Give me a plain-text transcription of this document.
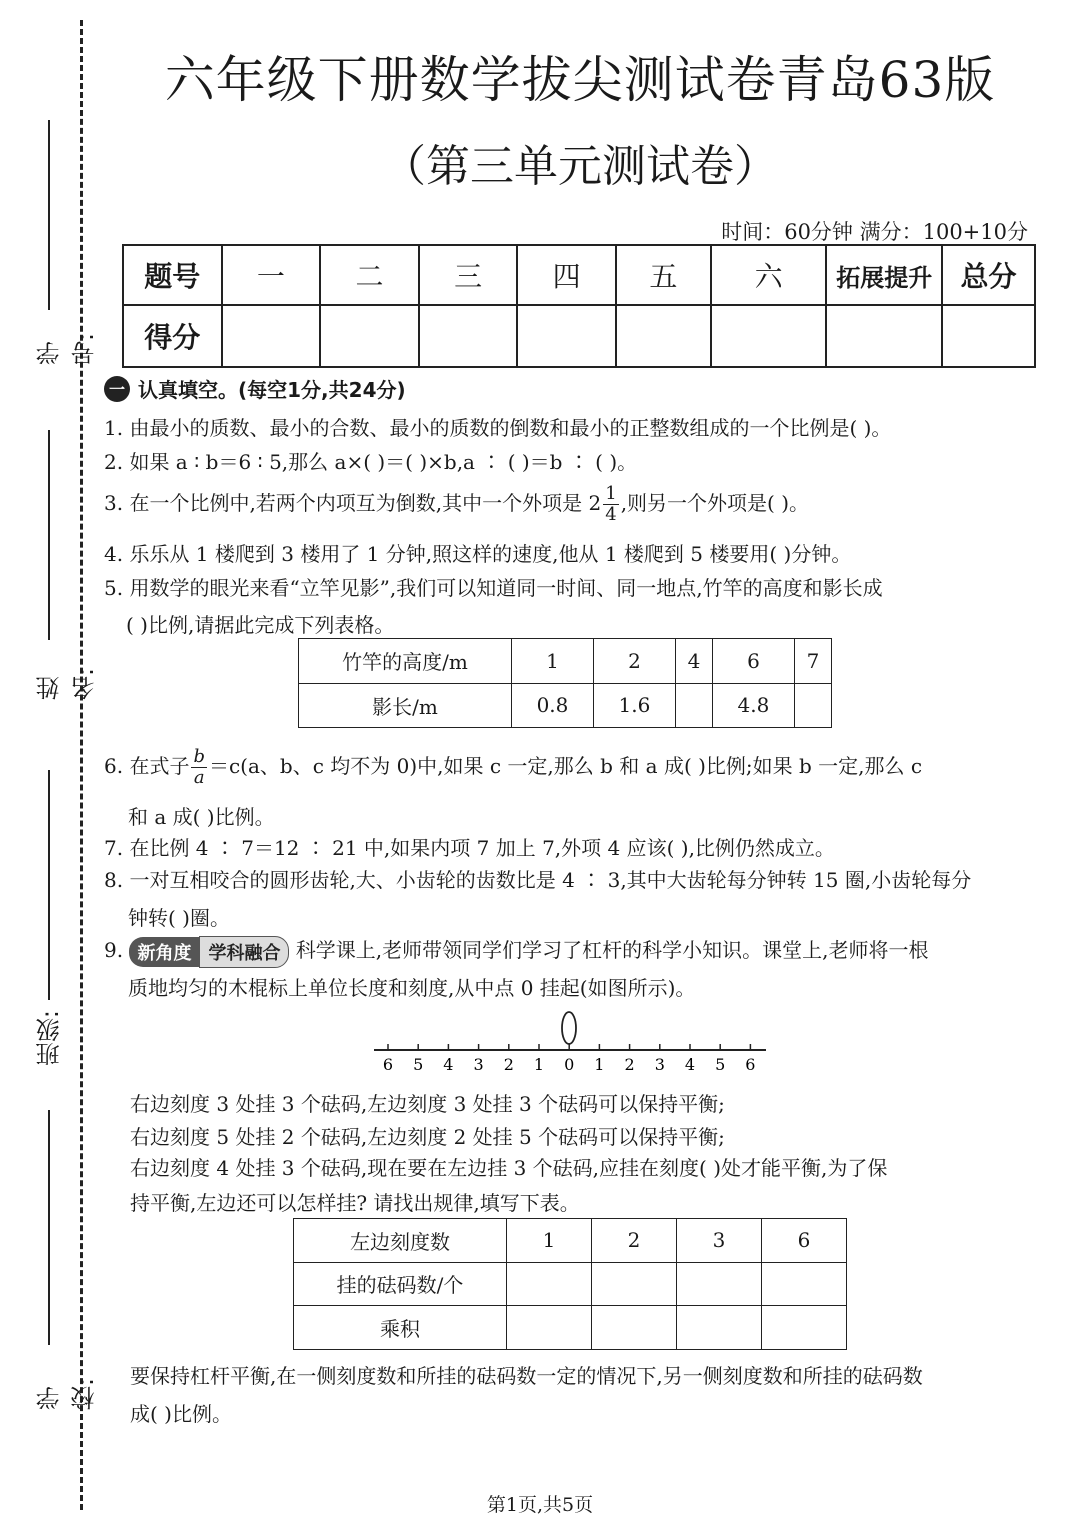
学号:
姓名:
班级:
学校:
六年级下册数学拔尖测试卷青岛63版
（第三单元测试卷）
时间：60分钟 满分：100+10分
题号	一	二	三	四	五	六	拓展提升	总分
得分								
一 认真填空。(每空1分,共24分)
1. 由最小的质数、最小的合数、最小的质数的倒数和最小的正整数组成的一个比例是( )。
2. 如果 a ∶ b＝6 ∶ 5,那么 a×( )＝( )×b,a ∶ ( )＝b ∶ ( )。
3. 在一个比例中,若两个内项互为倒数,其中一个外项是 $2 \frac{1}{4}$ ,则另一个外项是( )。
4. 乐乐从 1 楼爬到 3 楼用了 1 分钟,照这样的速度,他从 1 楼爬到 5 楼要用( )分钟。
5. 用数学的眼光来看“立竿见影”,我们可以知道同一时间、同一地点,竹竿的高度和影长成
( )比例,请据此完成下列表格。
竹竿的高度/m	1	2	4	6	7
影长/m	0.8	1.6		4.8	
6. 在式子 $\frac{b}{a} =c(a$、b、c 均不为 0)中,如果 c 一定,那么 b 和 a 成( )比例;如果 b 一定,那么 c
和 a 成( )比例。
7. 在比例 4 ∶ 7＝12 ∶ 21 中,如果内项 7 加上 7,外项 4 应该( ),比例仍然成立。
8. 一对互相咬合的圆形齿轮,大、小齿轮的齿数比是 4 ∶ 3,其中大齿轮每分钟转 15 圈,小齿轮每分
钟转( )圈。
9. 新角度 学科融合 科学课上,老师带领同学们学习了杠杆的科学小知识。课堂上,老师将一根
质地均匀的木棍标上单位长度和刻度,从中点 0 挂起(如图所示)。
6 5 4 3 2 1 0 1 2 3 4 5 6
右边刻度 3 处挂 3 个砝码,左边刻度 3 处挂 3 个砝码可以保持平衡;
右边刻度 5 处挂 2 个砝码,左边刻度 2 处挂 5 个砝码可以保持平衡;
右边刻度 4 处挂 3 个砝码,现在要在左边挂 3 个砝码,应挂在刻度( )处才能平衡,为了保
持平衡,左边还可以怎样挂? 请找出规律,填写下表。
左边刻度数	1	2	3	6
挂的砝码数/个				
乘积				
要保持杠杆平衡,在一侧刻度数和所挂的砝码数一定的情况下,另一侧刻度数和所挂的砝码数
成( )比例。
第1页,共5页
